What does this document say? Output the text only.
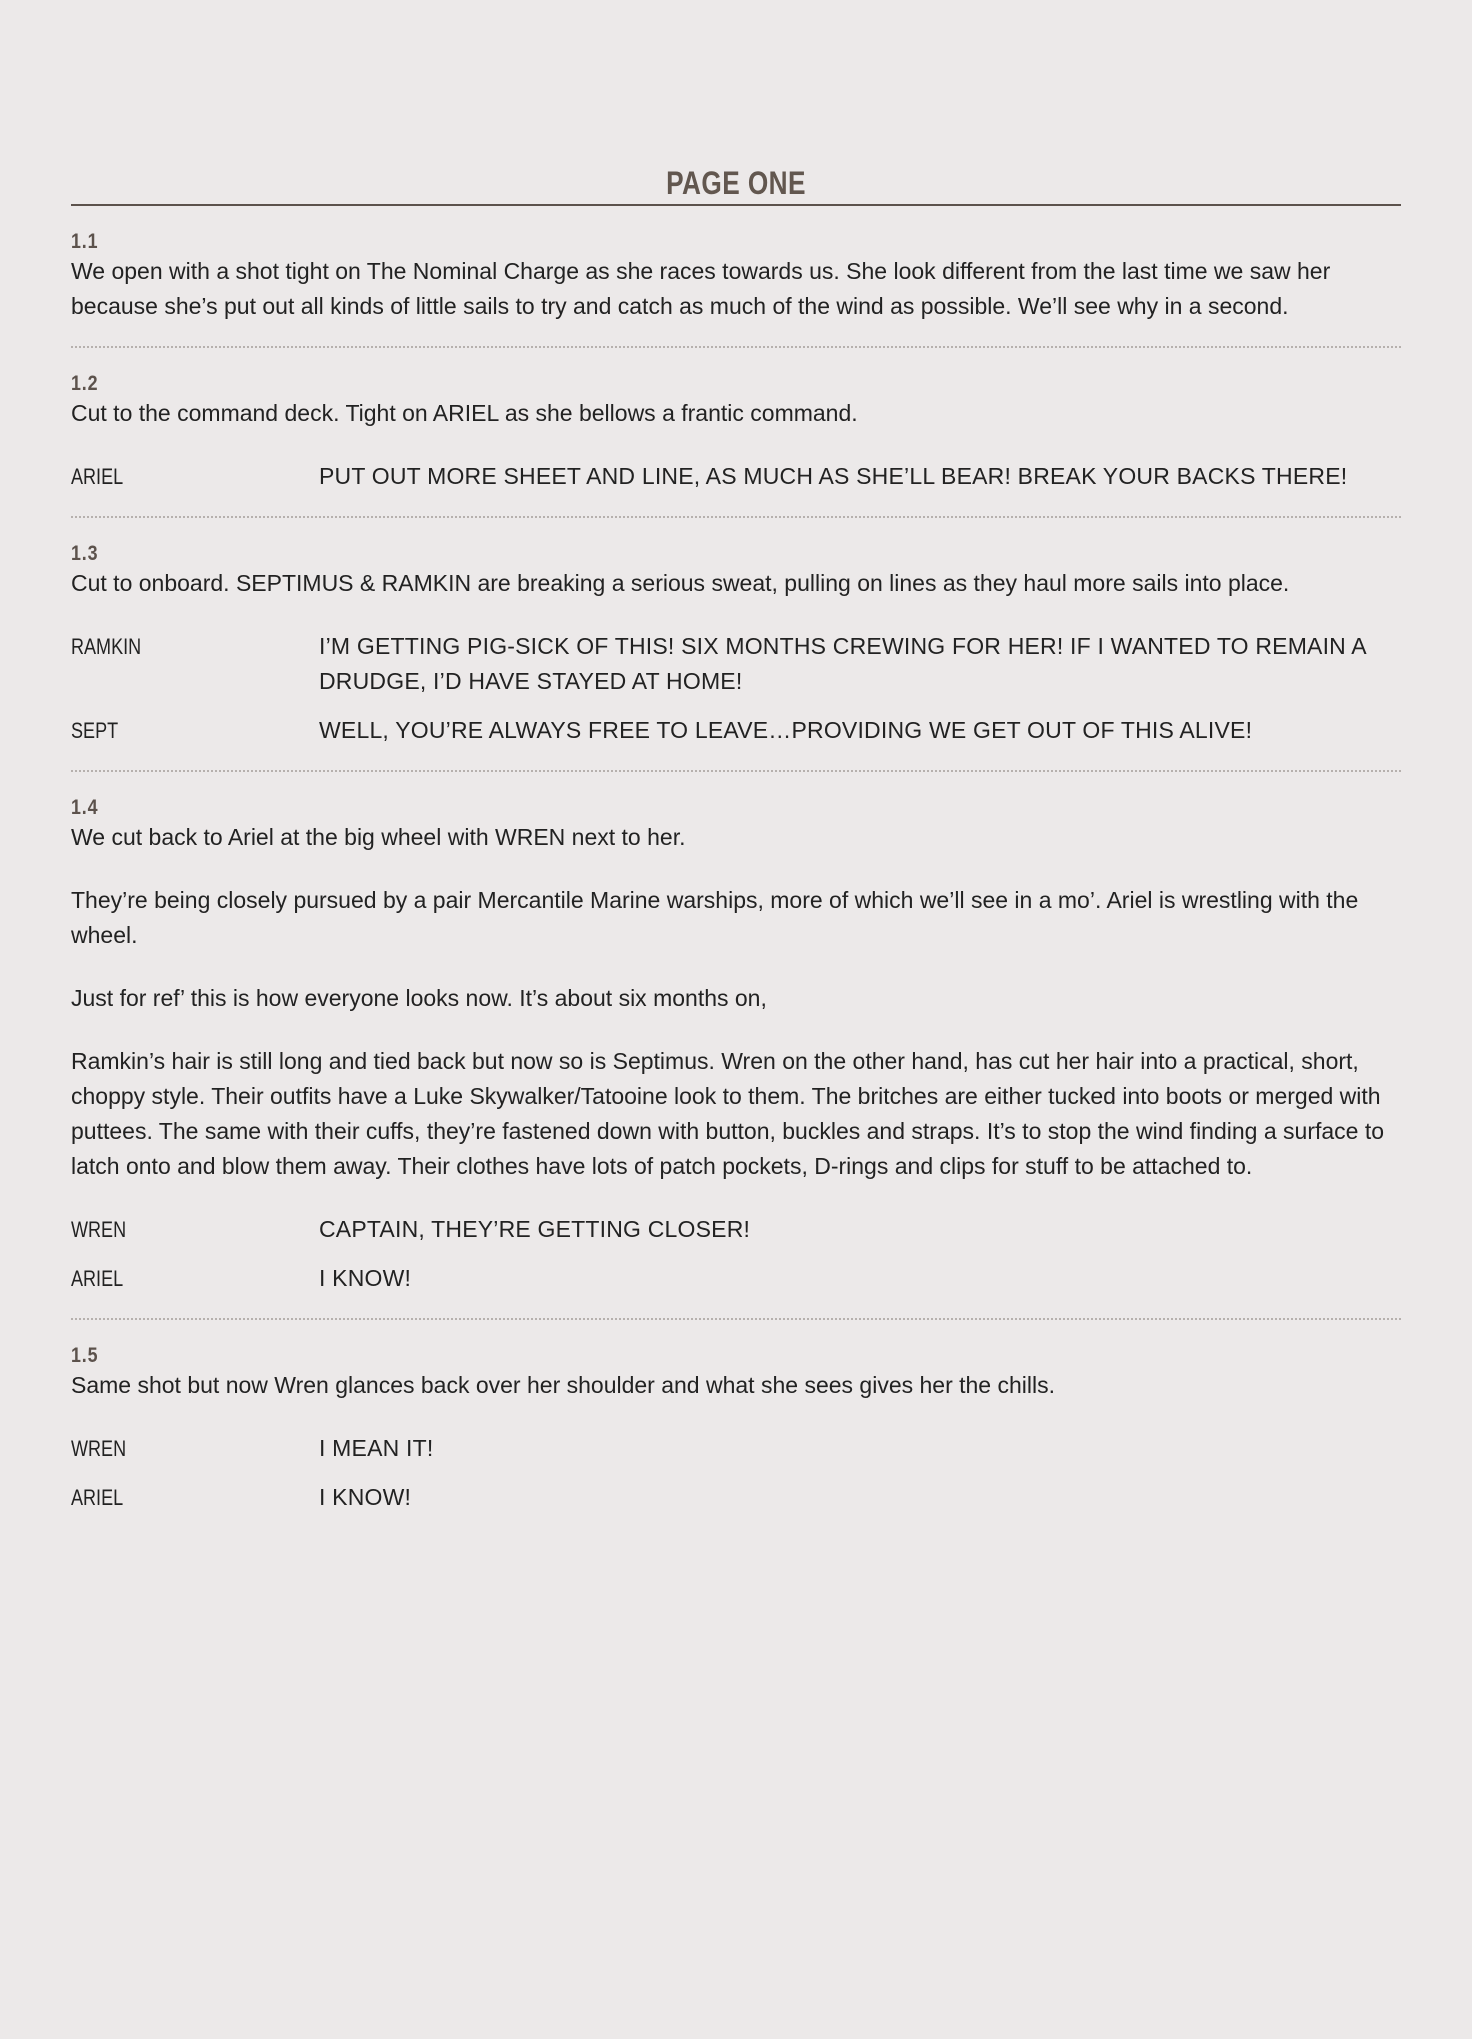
PAGE ONE
1.1

We open with a shot tight on The Nominal Charge as she races towards us. She look different from the last time we saw her because she’s put out all kinds of little sails to try and catch as much of the wind as possible. We’ll see why in a second.

1.2

Cut to the command deck. Tight on ARIEL as she bellows a frantic command.

ARIEL	PUT OUT MORE SHEET AND LINE, AS MUCH AS SHE’LL BEAR! BREAK YOUR BACKS THERE!
1.3

Cut to onboard. SEPTIMUS & RAMKIN are breaking a serious sweat, pulling on lines as they haul more sails into place.

RAMKIN	I’M GETTING PIG-SICK OF THIS! SIX MONTHS CREWING FOR HER! IF I WANTED TO REMAIN A DRUDGE, I’D HAVE STAYED AT HOME!
SEPT	WELL, YOU’RE ALWAYS FREE TO LEAVE…PROVIDING WE GET OUT OF THIS ALIVE!
1.4

We cut back to Ariel at the big wheel with WREN next to her.

They’re being closely pursued by a pair Mercantile Marine warships, more of which we’ll see in a mo’. Ariel is wrestling with the wheel.

Just for ref’ this is how everyone looks now. It’s about six months on,

Ramkin’s hair is still long and tied back but now so is Septimus. Wren on the other hand, has cut her hair into a practical, short, choppy style. Their outfits have a Luke Skywalker/Tatooine look to them. The britches are either tucked into boots or merged with puttees. The same with their cuffs, they’re fastened down with button, buckles and straps. It’s to stop the wind finding a surface to latch onto and blow them away. Their clothes have lots of patch pockets, D-rings and clips for stuff to be attached to.

WREN	CAPTAIN, THEY’RE GETTING CLOSER!
ARIEL	I KNOW!
1.5

Same shot but now Wren glances back over her shoulder and what she sees gives her the chills.

WREN	I MEAN IT!
ARIEL	I KNOW!
